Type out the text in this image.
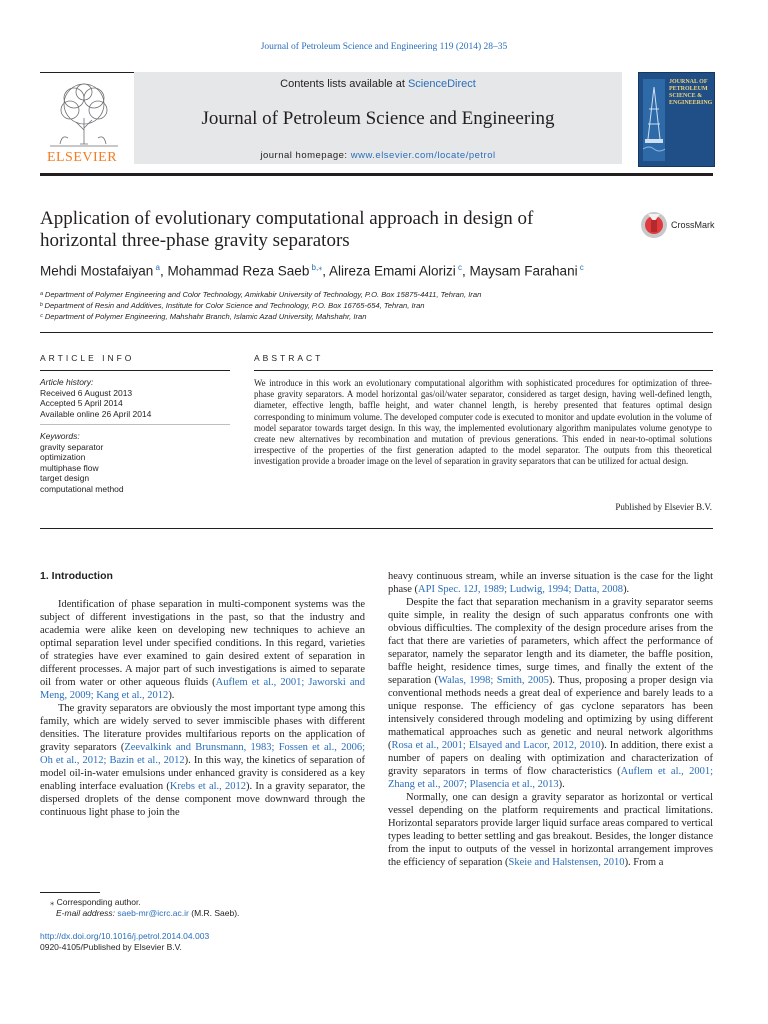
Journal of Petroleum Science and Engineering 119 (2014) 28–35
ELSEVIER
Contents lists available at ScienceDirect
Journal of Petroleum Science and Engineering
journal homepage: www.elsevier.com/locate/petrol
JOURNAL OF PETROLEUM SCIENCE & ENGINEERING
Application of evolutionary computational approach in design of horizontal three-phase gravity separators
CrossMark
Mehdi Mostafaiyan $^a$, Mohammad Reza Saeb $^{b,⁎}$, Alireza Emami Alorizi $^c$, Maysam Farahani $^c$
ᵃ Department of Polymer Engineering and Color Technology, Amirkabir University of Technology, P.O. Box 15875-4411, Tehran, Iran
ᵇ Department of Resin and Additives, Institute for Color Science and Technology, P.O. Box 16765-654, Tehran, Iran
ᶜ Department of Polymer Engineering, Mahshahr Branch, Islamic Azad University, Mahshahr, Iran
ARTICLE INFO	ABSTRACT
Article history:
Received 6 August 2013
Accepted 5 April 2014
Available online 26 April 2014
Keywords:
gravity separator
optimization
multiphase flow
target design
computational method
We introduce in this work an evolutionary computational algorithm with sophisticated procedures for optimization of three-phase gravity separators. A model horizontal gas/oil/water separator, considered as target design, having well-defined length, diameter, effective length, baffle height, and water channel length, is hereby presented that features optimal design corresponding to minimum volume. The developed computer code is executed to monitor and update evolution in the volume of model separator towards target design. In this way, the implemented evolutionary algorithm manipulates volume genotype to create new alternatives by recombination and mutation of previous generations. This ended in near-to-optimal solutions irrespective of the properties of the first generation adapted to the model separator. The outputs from this theoretical investigation provide a broader image on the level of separation in gravity separators that can be utilized for actual design.
Published by Elsevier B.V.
1. Introduction

Identification of phase separation in multi-component systems was the subject of different investigations in the past, so that the industry and academia were alike keen on developing new techniques to achieve an optimal separation level under specified conditions. In this regard, varieties of strategies have ever examined to gain desired extent of separation in different processes. A major part of such investigations is aimed to separate oil from water or other aqueous fluids (Auflem et al., 2001; Jaworski and Meng, 2009; Kang et al., 2012).

The gravity separators are obviously the most important type among this family, which are widely served to sever immiscible phases with different densities. The literature provides multifarious reports on the application of gravity separators (Zeevalkink and Brunsmann, 1983; Fossen et al., 2006; Oh et al., 2012; Bazin et al., 2012). In this way, the kinetics of separation of model oil-in-water emulsions under enhanced gravity is considered as a key enabling interface evaluation (Krebs et al., 2012). In a gravity separator, the dispersed droplets of the dense component move downward through the continuous light phase to join the

heavy continuous stream, while an inverse situation is the case for the light phase (API Spec. 12J, 1989; Ludwig, 1994; Datta, 2008).

Despite the fact that separation mechanism in a gravity separator seems quite simple, in reality the design of such apparatus confronts one with obvious difficulties. The complexity of the design procedure arises from the fact that there are varieties of parameters, which affect the performance of separator, namely the separator length and its diameter, the baffle position, baffle height, residence times, surge times, and finally the extent of the separation (Walas, 1998; Smith, 2005). Thus, proposing a proper design via conventional methods needs a great deal of experience and barely leads to a unique response. The efficiency of gas cyclone separators has been intensively considered through modeling and optimizing by using different mathematical approaches such as genetic and neural network algorithms (Rosa et al., 2001; Elsayed and Lacor, 2012, 2010). In addition, there exist a number of papers on dealing with optimization and characterization of gravity separators in terms of flow characteristics (Auflem et al., 2001; Zhang et al., 2007; Plasencia et al., 2013).

Normally, one can design a gravity separator as horizontal or vertical vessel depending on the platform requirements and practical limitations. Horizontal separators provide larger liquid surface areas compared to vertical types leading to better settling and gas breakout. Besides, the longer distance from the input to outputs of the vessel in horizontal arrangement improves the efficiency of separation (Skeie and Halstensen, 2010). From a

⁎ Corresponding author.
E-mail address: saeb-mr@icrc.ac.ir (M.R. Saeb).
http://dx.doi.org/10.1016/j.petrol.2014.04.003
0920-4105/Published by Elsevier B.V.
